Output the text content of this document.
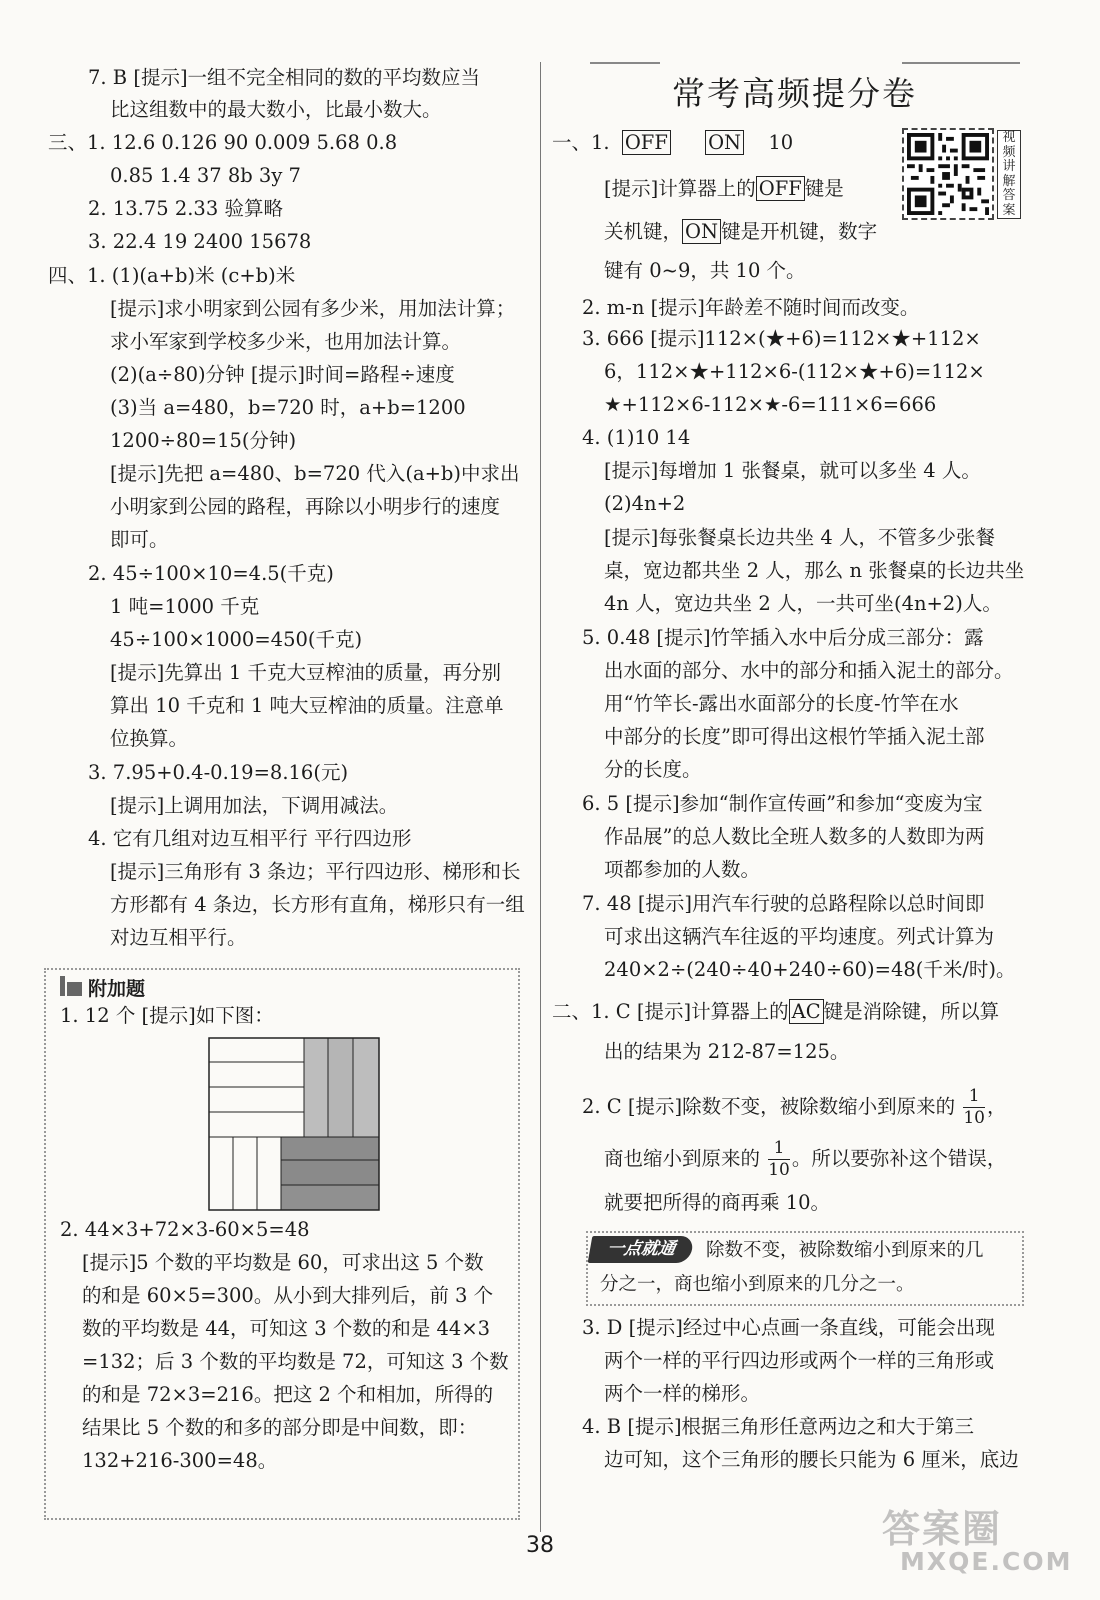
7. B [提示]一组不完全相同的数的平均数应当
比这组数中的最大数小，比最小数大。
三、1. 12.6 0.126 90 0.009 5.68 0.8
0.85 1.4 37 8b 3y 7
2. 13.75 2.33 验算略
3. 22.4 19 2400 15678
四、1. (1)(a+b)米 (c+b)米
[提示]求小明家到公园有多少米，用加法计算；
求小军家到学校多少米，也用加法计算。
(2)(a÷80)分钟 [提示]时间=路程÷速度
(3)当 a=480，b=720 时，a+b=1200
1200÷80=15(分钟)
[提示]先把 a=480、b=720 代入(a+b)中求出
小明家到公园的路程，再除以小明步行的速度
即可。
2. 45÷100×10=4.5(千克)
1 吨=1000 千克
45÷100×1000=450(千克)
[提示]先算出 1 千克大豆榨油的质量，再分别
算出 10 千克和 1 吨大豆榨油的质量。注意单
位换算。
3. 7.95+0.4-0.19=8.16(元)
[提示]上调用加法，下调用减法。
4. 它有几组对边互相平行 平行四边形
[提示]三角形有 3 条边；平行四边形、梯形和长
方形都有 4 条边，长方形有直角，梯形只有一组
对边互相平行。
1. 12 个 [提示]如下图：
2. 44×3+72×3-60×5=48
[提示]5 个数的平均数是 60，可求出这 5 个数
的和是 60×5=300。从小到大排列后，前 3 个
数的平均数是 44，可知这 3 个数的和是 44×3
=132；后 3 个数的平均数是 72，可知这 3 个数
的和是 72×3=216。把这 2 个和相加，所得的
结果比 5 个数的和多的部分即是中间数，即：
132+216-300=48。
附加题
常考高频提分卷
视频讲解答案
一、1. OFF ON 10
[提示]计算器上的 OFF 键是
关机键， ON 键是开机键，数字
键有 0~9，共 10 个。
2. m-n [提示]年龄差不随时间而改变。
3. 666 [提示]112×(★+6)=112×★+112×
6，112×★+112×6-(112×★+6)=112×
★+112×6-112×★-6=111×6=666
4. (1)10 14
[提示]每增加 1 张餐桌，就可以多坐 4 人。
(2)4n+2
[提示]每张餐桌长边共坐 4 人，不管多少张餐
桌，宽边都共坐 2 人，那么 n 张餐桌的长边共坐
4n 人，宽边共坐 2 人，一共可坐(4n+2)人。
5. 0.48 [提示]竹竿插入水中后分成三部分：露
出水面的部分、水中的部分和插入泥土的部分。
用“竹竿长-露出水面部分的长度-竹竿在水
中部分的长度”即可得出这根竹竿插入泥土部
分的长度。
6. 5 [提示]参加“制作宣传画”和参加“变废为宝
作品展”的总人数比全班人数多的人数即为两
项都参加的人数。
7. 48 [提示]用汽车行驶的总路程除以总时间即
可求出这辆汽车往返的平均速度。列式计算为
240×2÷(240÷40+240÷60)=48(千米/时)。
二、1. C [提示]计算器上的 AC 键是消除键，所以算
出的结果为 212-87=125。
2. C [提示]除数不变，被除数缩小到原来的 $\frac{1}{10}$ ，
商也缩小到原来的 $\frac{1}{10}$ 。所以要弥补这个错误，
就要把所得的商再乘 10。
3. D [提示]经过中心点画一条直线，可能会出现
两个一样的平行四边形或两个一样的三角形或
两个一样的梯形。
4. B [提示]根据三角形任意两边之和大于第三
边可知，这个三角形的腰长只能为 6 厘米，底边
一点就通	除数不变，被除数缩小到原来的几
分之一，商也缩小到原来的几分之一。
38	答案圈
MXQE.COM
